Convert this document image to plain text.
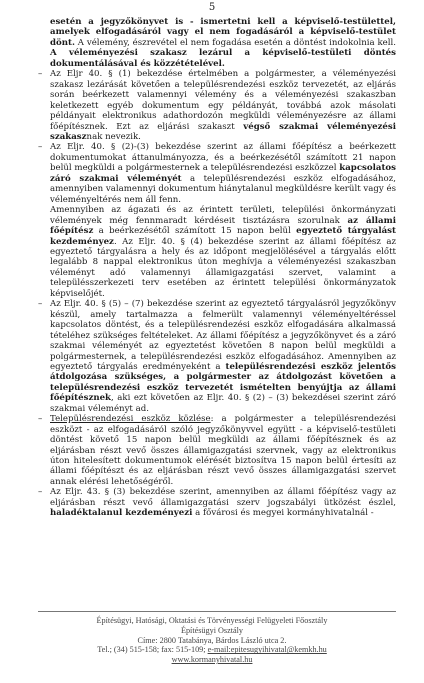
5

esetén a jegyzőkönyvet is - ismertetni kell a képviselő-testülettel, amelyek elfogadásáról vagy el nem fogadásáról a képviselő-testület dönt. A vélemény, észrevétel el nem fogadása esetén a döntést indokolnia kell. A véleményezési szakasz lezárul a képviselő-testületi döntés dokumentálásával és közzétételével.

– Az Eljr 40. § (1) bekezdése értelmében a polgármester, a véleményezési szakasz lezárását követően a településrendezési eszköz tervezetét, az eljárás során beérkezett valamennyi vélemény és a véleményezési szakaszban keletkezett egyéb dokumentum egy példányát, továbbá azok másolati példányait elektronikus adathordozón megküldi véleményezésre az állami főépítésznek. Ezt az eljárási szakaszt végső szakmai véleményezési szakasznak nevezik.

– Az Eljr. 40. § (2)-(3) bekezdése szerint az állami főépítész a beérkezett dokumentumokat áttanulmányozza, és a beérkezésétől számított 21 napon belül megküldi a polgármesternek a településrendezési eszközzel kapcsolatos záró szakmai véleményét a településrendezési eszköz elfogadásához, amennyiben valamennyi dokumentum hiánytalanul megküldésre került vagy és véleményeltérés nem áll fenn.

Amennyiben az ágazati és az érintett területi, települési önkormányzati vélemények még fennmaradt kérdéseit tisztázásra szorulnak az állami főépítész a beérkezésétől számított 15 napon belül egyeztető tárgyalást kezdeményez. Az Eljr. 40. § (4) bekezdése szerint az állami főépítész az egyeztető tárgyalásra a hely és az időpont megjelölésével a tárgyalás előtt legalább 8 nappal elektronikus úton meghívja a véleményezési szakaszban véleményt adó valamennyi államigazgatási szervet, valamint a településszerkezeti terv esetében az érintett települési önkormányzatok képviselőjét.

– Az Eljr. 40. § (5) – (7) bekezdése szerint az egyeztető tárgyalásról jegyzőkönyv készül, amely tartalmazza a felmerült valamennyi véleményeltéréssel kapcsolatos döntést, és a településrendezési eszköz elfogadására alkalmassá tételéhez szükséges feltételeket. Az állami főépítész a jegyzőkönyvet és a záró szakmai véleményét az egyeztetést követően 8 napon belül megküldi a polgármesternek, a településrendezési eszköz elfogadásához. Amennyiben az egyeztető tárgyalás eredményeként a településrendezési eszköz jelentős átdolgozása szükséges, a polgármester az átdolgozást követően a településrendezési eszköz tervezetét ismételten benyújtja az állami főépítésznek, aki ezt követően az Eljr. 40. § (2) – (3) bekezdései szerint záró szakmai véleményt ad.

– Településrendezési eszköz közlése: a polgármester a településrendezési eszközt - az elfogadásáról szóló jegyzőkönyvvel együtt - a képviselő-testületi döntést követő 15 napon belül megküldi az állami főépítésznek és az eljárásban részt vevő összes államigazgatási szervnek, vagy az elektronikus úton hitelesített dokumentumok elérését biztosítva 15 napon belül értesíti az állami főépítészt és az eljárásban részt vevő összes államigazgatási szervet annak elérési lehetőségéről.

– Az Eljr. 43. § (3) bekezdése szerint, amennyiben az állami főépítész vagy az eljárásban részt vevő államigazgatási szerv jogszabályi ütközést észlel, haladéktalanul kezdeményezi a fővárosi és megyei kormányhivatalnál -

Építésügyi, Hatósági, Oktatási és Törvényességi Felügyeleti Főosztály
Építésügyi Osztály
Címe: 2800 Tatabánya, Bárdos László utca 2.
Tel.; (34) 515-158; fax: 515-109; e-mail:epitesugyihivatal@kemkh.hu
www.kormanyhivatal.hu
